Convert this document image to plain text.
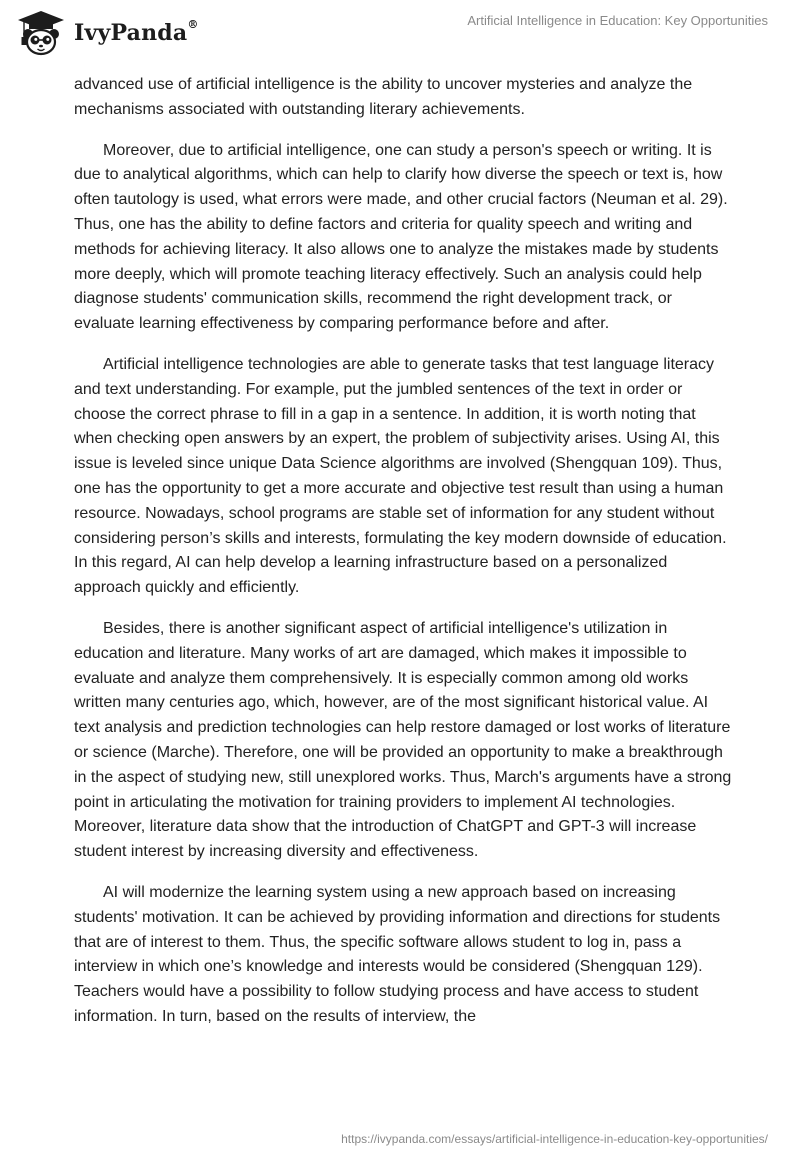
IvyPanda®	Artificial Intelligence in Education: Key Opportunities

advanced use of artificial intelligence is the ability to uncover mysteries and analyze the mechanisms associated with outstanding literary achievements.

Moreover, due to artificial intelligence, one can study a person's speech or writing. It is due to analytical algorithms, which can help to clarify how diverse the speech or text is, how often tautology is used, what errors were made, and other crucial factors (Neuman et al. 29). Thus, one has the ability to define factors and criteria for quality speech and writing and methods for achieving literacy. It also allows one to analyze the mistakes made by students more deeply, which will promote teaching literacy effectively. Such an analysis could help diagnose students' communication skills, recommend the right development track, or evaluate learning effectiveness by comparing performance before and after.

Artificial intelligence technologies are able to generate tasks that test language literacy and text understanding. For example, put the jumbled sentences of the text in order or choose the correct phrase to fill in a gap in a sentence. In addition, it is worth noting that when checking open answers by an expert, the problem of subjectivity arises. Using AI, this issue is leveled since unique Data Science algorithms are involved (Shengquan 109). Thus, one has the opportunity to get a more accurate and objective test result than using a human resource. Nowadays, school programs are stable set of information for any student without considering person’s skills and interests, formulating the key modern downside of education. In this regard, AI can help develop a learning infrastructure based on a personalized approach quickly and efficiently.

Besides, there is another significant aspect of artificial intelligence's utilization in education and literature. Many works of art are damaged, which makes it impossible to evaluate and analyze them comprehensively. It is especially common among old works written many centuries ago, which, however, are of the most significant historical value. AI text analysis and prediction technologies can help restore damaged or lost works of literature or science (Marche). Therefore, one will be provided an opportunity to make a breakthrough in the aspect of studying new, still unexplored works. Thus, March's arguments have a strong point in articulating the motivation for training providers to implement AI technologies. Moreover, literature data show that the introduction of ChatGPT and GPT-3 will increase student interest by increasing diversity and effectiveness.

AI will modernize the learning system using a new approach based on increasing students' motivation. It can be achieved by providing information and directions for students that are of interest to them. Thus, the specific software allows student to log in, pass a interview in which one’s knowledge and interests would be considered (Shengquan 129). Teachers would have a possibility to follow studying process and have access to student information. In turn, based on the results of interview, the

https://ivypanda.com/essays/artificial-intelligence-in-education-key-opportunities/
